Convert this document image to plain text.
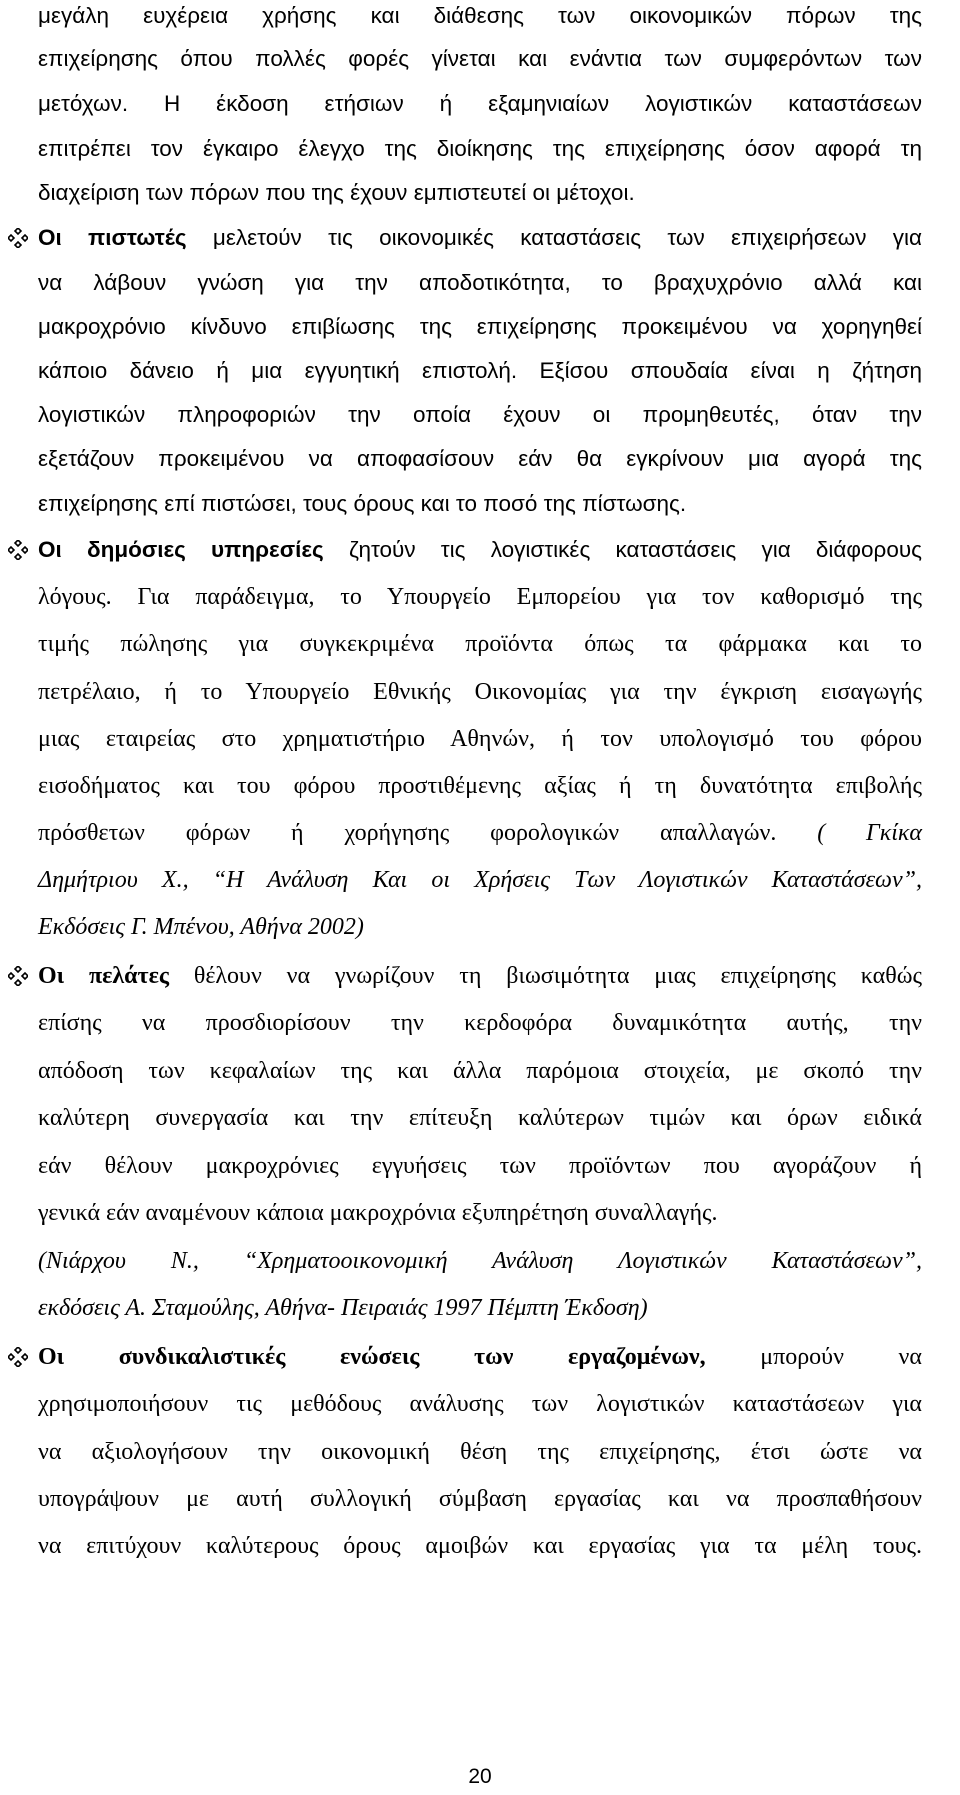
μεγάλη ευχέρεια χρήσης και διάθεσης των οικονομικών πόρων της
επιχείρησης όπου πολλές φορές γίνεται και ενάντια των συμφερόντων των
μετόχων. Η έκδοση ετήσιων ή εξαμηνιαίων λογιστικών καταστάσεων
επιτρέπει τον έγκαιρο έλεγχο της διοίκησης της επιχείρησης όσον αφορά τη
διαχείριση των πόρων που της έχουν εμπιστευτεί οι μέτοχοι.
Οι πιστωτές μελετούν τις οικονομικές καταστάσεις των επιχειρήσεων για
να λάβουν γνώση για την αποδοτικότητα, το βραχυχρόνιο αλλά και
μακροχρόνιο κίνδυνο επιβίωσης της επιχείρησης προκειμένου να χορηγηθεί
κάποιο δάνειο ή μια εγγυητική επιστολή. Εξίσου σπουδαία είναι η ζήτηση
λογιστικών πληροφοριών την οποία έχουν οι προμηθευτές, όταν την
εξετάζουν προκειμένου να αποφασίσουν εάν θα εγκρίνουν μια αγορά της
επιχείρησης επί πιστώσει, τους όρους και το ποσό της πίστωσης.
Οι δημόσιες υπηρεσίες ζητούν τις λογιστικές καταστάσεις για διάφορους
λόγους. Για παράδειγμα, το Υπουργείο Εμπορείου για τον καθορισμό της
τιμής πώλησης για συγκεκριμένα προϊόντα όπως τα φάρμακα και το
πετρέλαιο, ή το Υπουργείο Εθνικής Οικονομίας για την έγκριση εισαγωγής
μιας εταιρείας στο χρηματιστήριο Αθηνών, ή τον υπολογισμό του φόρου
εισοδήματος και του φόρου προστιθέμενης αξίας ή τη δυνατότητα επιβολής
πρόσθετων φόρων ή χορήγησης φορολογικών απαλλαγών. ( Γκίκα
Δημήτριου Χ., “Η Ανάλυση Και οι Χρήσεις Των Λογιστικών Καταστάσεων”,
Εκδόσεις Γ. Μπένου, Αθήνα 2002)
Οι πελάτες θέλουν να γνωρίζουν τη βιωσιμότητα μιας επιχείρησης καθώς
επίσης να προσδιορίσουν την κερδοφόρα δυναμικότητα αυτής, την
απόδοση των κεφαλαίων της και άλλα παρόμοια στοιχεία, με σκοπό την
καλύτερη συνεργασία και την επίτευξη καλύτερων τιμών και όρων ειδικά
εάν θέλουν μακροχρόνιες εγγυήσεις των προϊόντων που αγοράζουν ή
γενικά εάν αναμένουν κάποια μακροχρόνια εξυπηρέτηση συναλλαγής.
(Νιάρχου Ν., “Χρηματοοικονομική Ανάλυση Λογιστικών Καταστάσεων”,
εκδόσεις Α. Σταμούλης, Αθήνα- Πειραιάς 1997 Πέμπτη Έκδοση)
Οι συνδικαλιστικές ενώσεις των εργαζομένων, μπορούν να
χρησιμοποιήσουν τις μεθόδους ανάλυσης των λογιστικών καταστάσεων για
να αξιολογήσουν την οικονομική θέση της επιχείρησης, έτσι ώστε να
υπογράψουν με αυτή συλλογική σύμβαση εργασίας και να προσπαθήσουν
να επιτύχουν καλύτερους όρους αμοιβών και εργασίας για τα μέλη τους.
20
